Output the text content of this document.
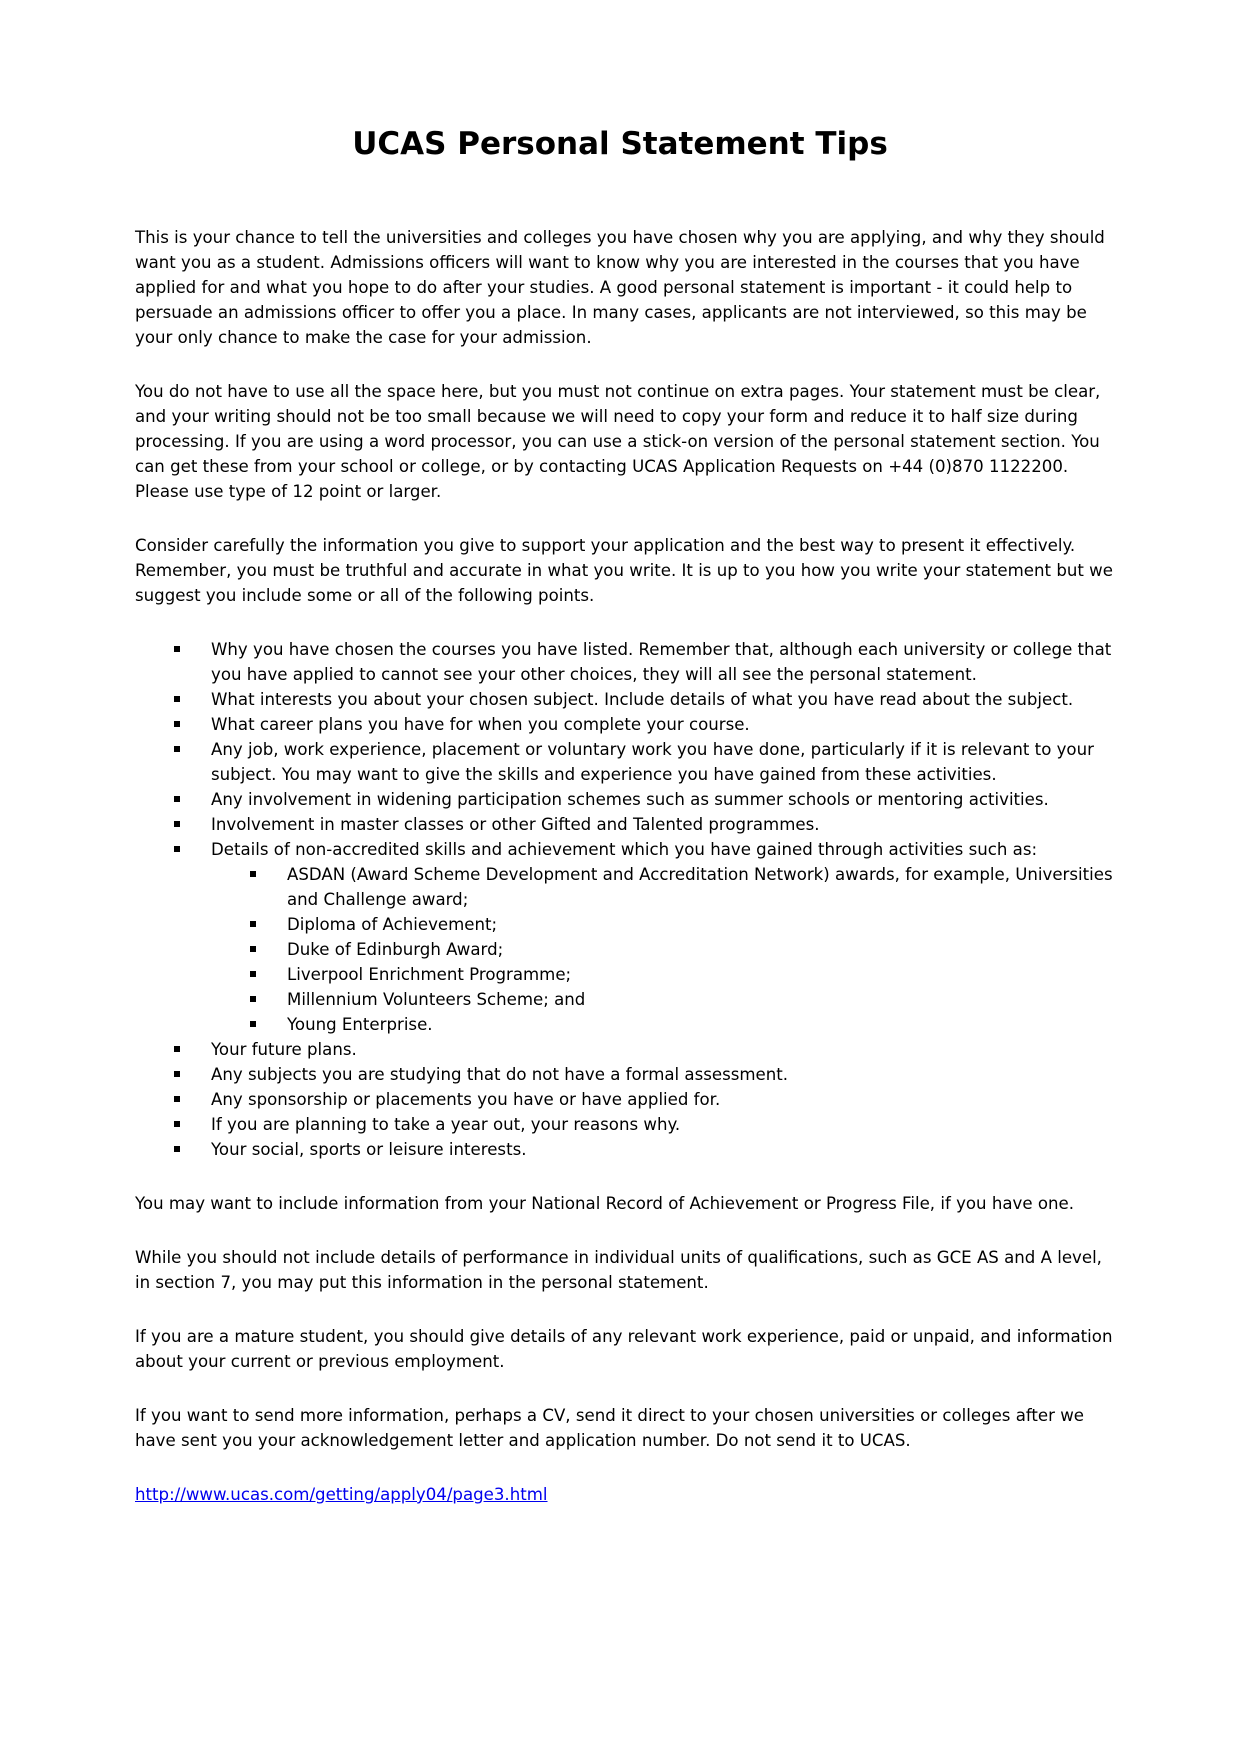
UCAS Personal Statement Tips

This is your chance to tell the universities and colleges you have chosen why you are applying, and why they should want you as a student. Admissions officers will want to know why you are interested in the courses that you have applied for and what you hope to do after your studies. A good personal statement is important - it could help to persuade an admissions officer to offer you a place. In many cases, applicants are not interviewed, so this may be your only chance to make the case for your admission.

You do not have to use all the space here, but you must not continue on extra pages. Your statement must be clear, and your writing should not be too small because we will need to copy your form and reduce it to half size during processing. If you are using a word processor, you can use a stick-on version of the personal statement section. You can get these from your school or college, or by contacting UCAS Application Requests on +44 (0)870 1122200. Please use type of 12 point or larger.

Consider carefully the information you give to support your application and the best way to present it effectively. Remember, you must be truthful and accurate in what you write. It is up to you how you write your statement but we suggest you include some or all of the following points.

Why you have chosen the courses you have listed. Remember that, although each university or college that you have applied to cannot see your other choices, they will all see the personal statement.
What interests you about your chosen subject. Include details of what you have read about the subject.
What career plans you have for when you complete your course.
Any job, work experience, placement or voluntary work you have done, particularly if it is relevant to your subject. You may want to give the skills and experience you have gained from these activities.
Any involvement in widening participation schemes such as summer schools or mentoring activities.
Involvement in master classes or other Gifted and Talented programmes.
Details of non-accredited skills and achievement which you have gained through activities such as:
ASDAN (Award Scheme Development and Accreditation Network) awards, for example, Universities and Challenge award;
Diploma of Achievement;
Duke of Edinburgh Award;
Liverpool Enrichment Programme;
Millennium Volunteers Scheme; and
Young Enterprise.
Your future plans.
Any subjects you are studying that do not have a formal assessment.
Any sponsorship or placements you have or have applied for.
If you are planning to take a year out, your reasons why.
Your social, sports or leisure interests.

You may want to include information from your National Record of Achievement or Progress File, if you have one.

While you should not include details of performance in individual units of qualifications, such as GCE AS and A level, in section 7, you may put this information in the personal statement.

If you are a mature student, you should give details of any relevant work experience, paid or unpaid, and information about your current or previous employment.

If you want to send more information, perhaps a CV, send it direct to your chosen universities or colleges after we have sent you your acknowledgement letter and application number. Do not send it to UCAS.

http://www.ucas.com/getting/apply04/page3.html
